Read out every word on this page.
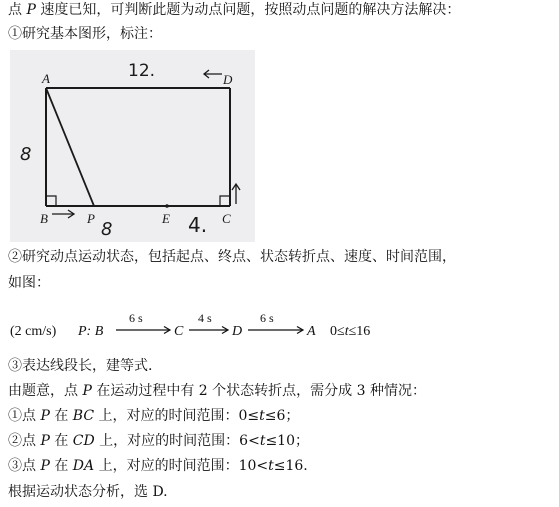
点 P 速度已知，可判断此题为动点问题，按照动点问题的解决方法解决：
①研究基本图形，标注：
A	D
B	P	E	C
12.
8
8	4.
②研究动点运动状态，包括起点、终点、状态转折点、速度、时间范围，
如图：
(2 cm/s) P: B
6 s
C
4 s
D
6 s
A 0≤t≤16
③表达线段长，建等式.
由题意，点 P 在运动过程中有 2 个状态转折点，需分成 3 种情况：
①点 P 在 BC 上，对应的时间范围：0≤t≤6；
②点 P 在 CD 上，对应的时间范围：6<t≤10；
③点 P 在 DA 上，对应的时间范围：10<t≤16.
根据运动状态分析，选 D.
